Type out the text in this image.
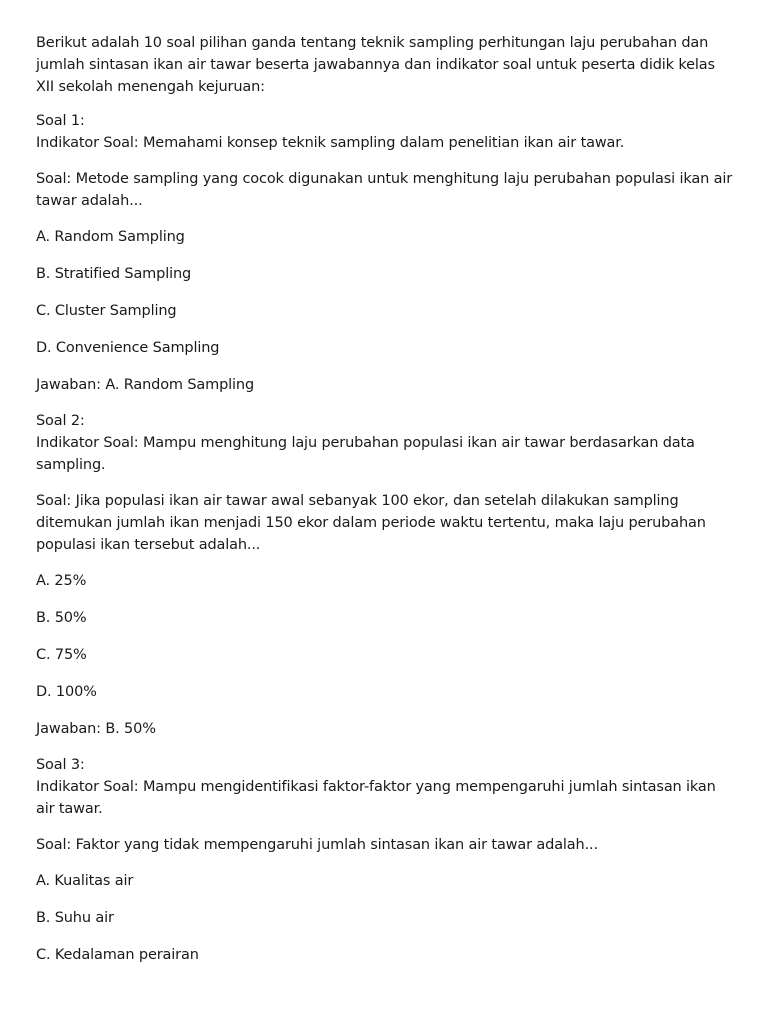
Berikut adalah 10 soal pilihan ganda tentang teknik sampling perhitungan laju perubahan dan jumlah sintasan ikan air tawar beserta jawabannya dan indikator soal untuk peserta didik kelas XII sekolah menengah kejuruan:

Soal 1:
Indikator Soal: Memahami konsep teknik sampling dalam penelitian ikan air tawar.

Soal: Metode sampling yang cocok digunakan untuk menghitung laju perubahan populasi ikan air tawar adalah...

A. Random Sampling

B. Stratified Sampling

C. Cluster Sampling

D. Convenience Sampling

Jawaban: A. Random Sampling

Soal 2:
Indikator Soal: Mampu menghitung laju perubahan populasi ikan air tawar berdasarkan data sampling.

Soal: Jika populasi ikan air tawar awal sebanyak 100 ekor, dan setelah dilakukan sampling ditemukan jumlah ikan menjadi 150 ekor dalam periode waktu tertentu, maka laju perubahan populasi ikan tersebut adalah...

A. 25%

B. 50%

C. 75%

D. 100%

Jawaban: B. 50%

Soal 3:
Indikator Soal: Mampu mengidentifikasi faktor-faktor yang mempengaruhi jumlah sintasan ikan air tawar.

Soal: Faktor yang tidak mempengaruhi jumlah sintasan ikan air tawar adalah...

A. Kualitas air

B. Suhu air

C. Kedalaman perairan
